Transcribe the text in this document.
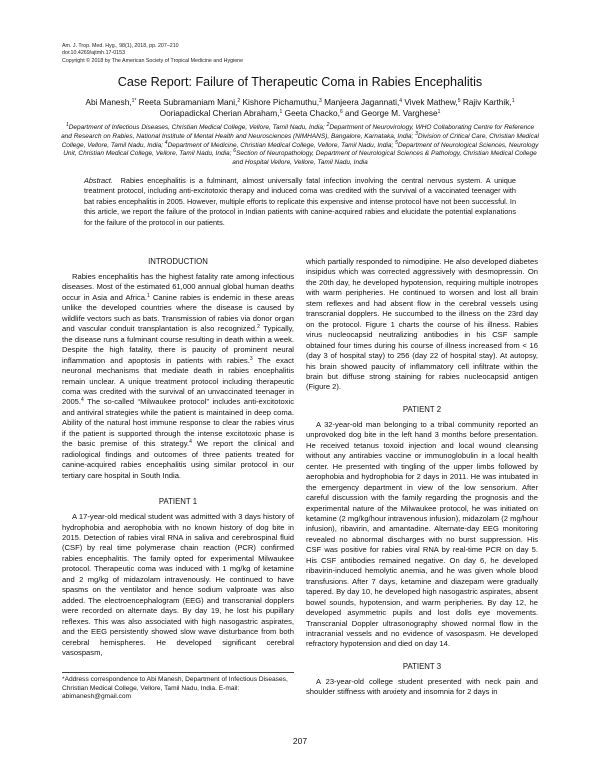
Am. J. Trop. Med. Hyg., 98(1), 2018, pp. 207–210
doi:10.4269/ajtmh.17-0153
Copyright © 2018 by The American Society of Tropical Medicine and Hygiene
Case Report: Failure of Therapeutic Coma in Rabies Encephalitis
Abi Manesh,$^{1*}$ Reeta Subramaniam Mani,$^2$ Kishore Pichamuthu,$^3$ Manjeera Jagannati,$^4$ Vivek Mathew,$^5$ Rajiv Karthik,$^1$ Ooriapadickal Cherian Abraham,$^1$ Geeta Chacko,$^6$ and George M. Varghese$^1$
$^1$Department of Infectious Diseases, Christian Medical College, Vellore, Tamil Nadu, India; $^2$Department of Neurovirology, WHO Collaborating Centre for Reference and Research on Rabies, National Institute of Mental Health and Neurosciences (NIMHANS), Bangalore, Karnataka, India; $^3$Division of Critical Care, Christian Medical College, Vellore, Tamil Nadu, India; $^4$Department of Medicine, Christian Medical College, Vellore, Tamil Nadu, India; $^5$Department of Neurological Sciences, Neurology Unit, Christian Medical College, Vellore, Tamil Nadu, India; $^6$Section of Neuropathology, Department of Neurological Sciences & Pathology, Christian Medical College and Hospital Vellore, Vellore, Tamil Nadu, India
Abstract. Rabies encephalitis is a fulminant, almost universally fatal infection involving the central nervous system. A unique treatment protocol, including anti-excitotoxic therapy and induced coma was credited with the survival of a vaccinated teenager with bat rabies encephalitis in 2005. However, multiple efforts to replicate this expensive and intense protocol have not been successful. In this article, we report the failure of the protocol in Indian patients with canine-acquired rabies and elucidate the potential explanations for the failure of the protocol in our patients.
INTRODUCTION

Rabies encephalitis has the highest fatality rate among infectious diseases. Most of the estimated 61,000 annual global human deaths occur in Asia and Africa.$^1$ Canine rabies is endemic in these areas unlike the developed countries where the disease is caused by wildlife vectors such as bats. Transmission of rabies via donor organ and vascular conduit transplantation is also recognized.$^2$ Typically, the disease runs a fulminant course resulting in death within a week. Despite the high fatality, there is paucity of prominent neural inflammation and apoptosis in patients with rabies.$^3$ The exact neuronal mechanisms that mediate death in rabies encephalitis remain unclear. A unique treatment protocol including therapeutic coma was credited with the survival of an unvaccinated teenager in 2005.$^4$ The so-called “Milwaukee protocol” includes anti-excitotoxic and antiviral strategies while the patient is maintained in deep coma. Ability of the natural host immune response to clear the rabies virus if the patient is supported through the intense excitotoxic phase is the basic premise of this strategy.$^4$ We report the clinical and radiological findings and outcomes of three patients treated for canine-acquired rabies encephalitis using similar protocol in our tertiary care hospital in South India.

PATIENT 1

A 17-year-old medical student was admitted with 3 days history of hydrophobia and aerophobia with no known history of dog bite in 2015. Detection of rabies viral RNA in saliva and cerebrospinal fluid (CSF) by real time polymerase chain reaction (PCR) confirmed rabies encephalitis. The family opted for experimental Milwaukee protocol. Therapeutic coma was induced with 1 mg/kg of ketamine and 2 mg/kg of midazolam intravenously. He continued to have spasms on the ventilator and hence sodium valproate was also added. The electroencephalogram (EEG) and transcranial dopplers were recorded on alternate days. By day 19, he lost his pupillary reflexes. This was also associated with high nasogastric aspirates, and the EEG persistently showed slow wave disturbance from both cerebral hemispheres. He developed significant cerebral vasospasm,

which partially responded to nimodipine. He also developed diabetes insipidus which was corrected aggressively with desmopressin. On the 20th day, he developed hypotension, requiring multiple inotropes with warm peripheries. He continued to worsen and lost all brain stem reflexes and had absent flow in the cerebral vessels using transcranial dopplers. He succumbed to the illness on the 23rd day on the protocol. Figure 1 charts the course of his illness. Rabies virus nucleocapsid neutralizing antibodies in his CSF sample obtained four times during his course of illness increased from < 16 (day 3 of hospital stay) to 256 (day 22 of hospital stay). At autopsy, his brain showed paucity of inflammatory cell infiltrate within the brain but diffuse strong staining for rabies nucleocapsid antigen (Figure 2).

PATIENT 2

A 32-year-old man belonging to a tribal community reported an unprovoked dog bite in the left hand 3 months before presentation. He received tetanus toxoid injection and local wound cleansing without any antirabies vaccine or immunoglobulin in a local health center. He presented with tingling of the upper limbs followed by aerophobia and hydrophobia for 2 days in 2011. He was intubated in the emergency department in view of the low sensorium. After careful discussion with the family regarding the prognosis and the experimental nature of the Milwaukee protocol, he was initiated on ketamine (2 mg/kg/hour intravenous infusion), midazolam (2 mg/hour infusion), ribavirin, and amantadine. Alternate-day EEG monitoring revealed no abnormal discharges with no burst suppression. His CSF was positive for rabies viral RNA by real-time PCR on day 5. His CSF antibodies remained negative. On day 6, he developed ribavirin-induced hemolytic anemia, and he was given whole blood transfusions. After 7 days, ketamine and diazepam were gradually tapered. By day 10, he developed high nasogastric aspirates, absent bowel sounds, hypotension, and warm peripheries. By day 12, he developed asymmetric pupils and lost dolls eye movements. Transcranial Doppler ultrasonography showed normal flow in the intracranial vessels and no evidence of vasospasm. He developed refractory hypotension and died on day 14.

PATIENT 3

A 23-year-old college student presented with neck pain and shoulder stiffness with anxiety and insomnia for 2 days in

*Address correspondence to Abi Manesh, Department of Infectious Diseases, Christian Medical College, Vellore, Tamil Nadu, India. E-mail: abimanesh@gmail.com
207
